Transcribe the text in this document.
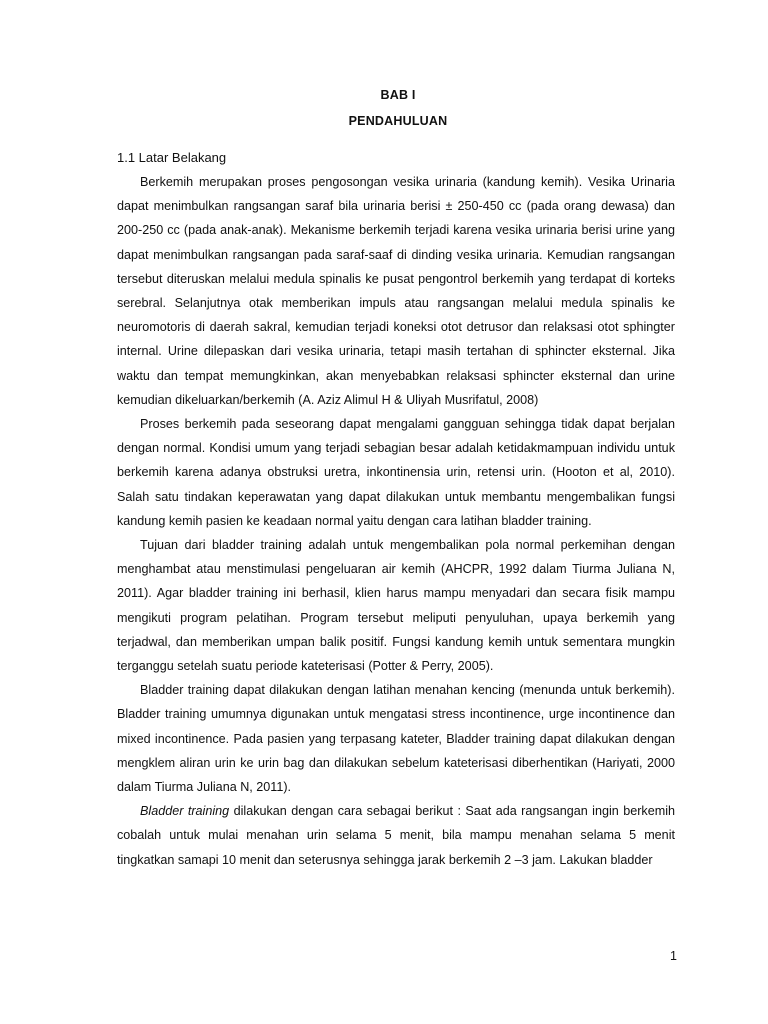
BAB I
PENDAHULUAN
1.1 Latar Belakang

Berkemih merupakan proses pengosongan vesika urinaria (kandung kemih). Vesika Urinaria dapat menimbulkan rangsangan saraf bila urinaria berisi ± 250-450 cc (pada orang dewasa) dan 200-250 cc (pada anak-anak). Mekanisme berkemih terjadi karena vesika urinaria berisi urine yang dapat menimbulkan rangsangan pada saraf-saaf di dinding vesika urinaria. Kemudian rangsangan tersebut diteruskan melalui medula spinalis ke pusat pengontrol berkemih yang terdapat di korteks serebral. Selanjutnya otak memberikan impuls atau rangsangan melalui medula spinalis ke neuromotoris di daerah sakral, kemudian terjadi koneksi otot detrusor dan relaksasi otot sphingter internal. Urine dilepaskan dari vesika urinaria, tetapi masih tertahan di sphincter eksternal. Jika waktu dan tempat memungkinkan, akan menyebabkan relaksasi sphincter eksternal dan urine kemudian dikeluarkan/berkemih (A. Aziz Alimul H & Uliyah Musrifatul, 2008)

Proses berkemih pada seseorang dapat mengalami gangguan sehingga tidak dapat berjalan dengan normal. Kondisi umum yang terjadi sebagian besar adalah ketidakmampuan individu untuk berkemih karena adanya obstruksi uretra, inkontinensia urin, retensi urin. (Hooton et al, 2010). Salah satu tindakan keperawatan yang dapat dilakukan untuk membantu mengembalikan fungsi kandung kemih pasien ke keadaan normal yaitu dengan cara latihan bladder training.

Tujuan dari bladder training adalah untuk mengembalikan pola normal perkemihan dengan menghambat atau menstimulasi pengeluaran air kemih (AHCPR, 1992 dalam Tiurma Juliana N, 2011). Agar bladder training ini berhasil, klien harus mampu menyadari dan secara fisik mampu mengikuti program pelatihan. Program tersebut meliputi penyuluhan, upaya berkemih yang terjadwal, dan memberikan umpan balik positif. Fungsi kandung kemih untuk sementara mungkin terganggu setelah suatu periode kateterisasi (Potter & Perry, 2005).

Bladder training dapat dilakukan dengan latihan menahan kencing (menunda untuk berkemih). Bladder training umumnya digunakan untuk mengatasi stress incontinence, urge incontinence dan mixed incontinence. Pada pasien yang terpasang kateter, Bladder training dapat dilakukan dengan mengklem aliran urin ke urin bag dan dilakukan sebelum kateterisasi diberhentikan (Hariyati, 2000 dalam Tiurma Juliana N, 2011).

Bladder training dilakukan dengan cara sebagai berikut : Saat ada rangsangan ingin berkemih cobalah untuk mulai menahan urin selama 5 menit, bila mampu menahan selama 5 menit tingkatkan samapi 10 menit dan seterusnya sehingga jarak berkemih 2 –3 jam. Lakukan bladder

1
